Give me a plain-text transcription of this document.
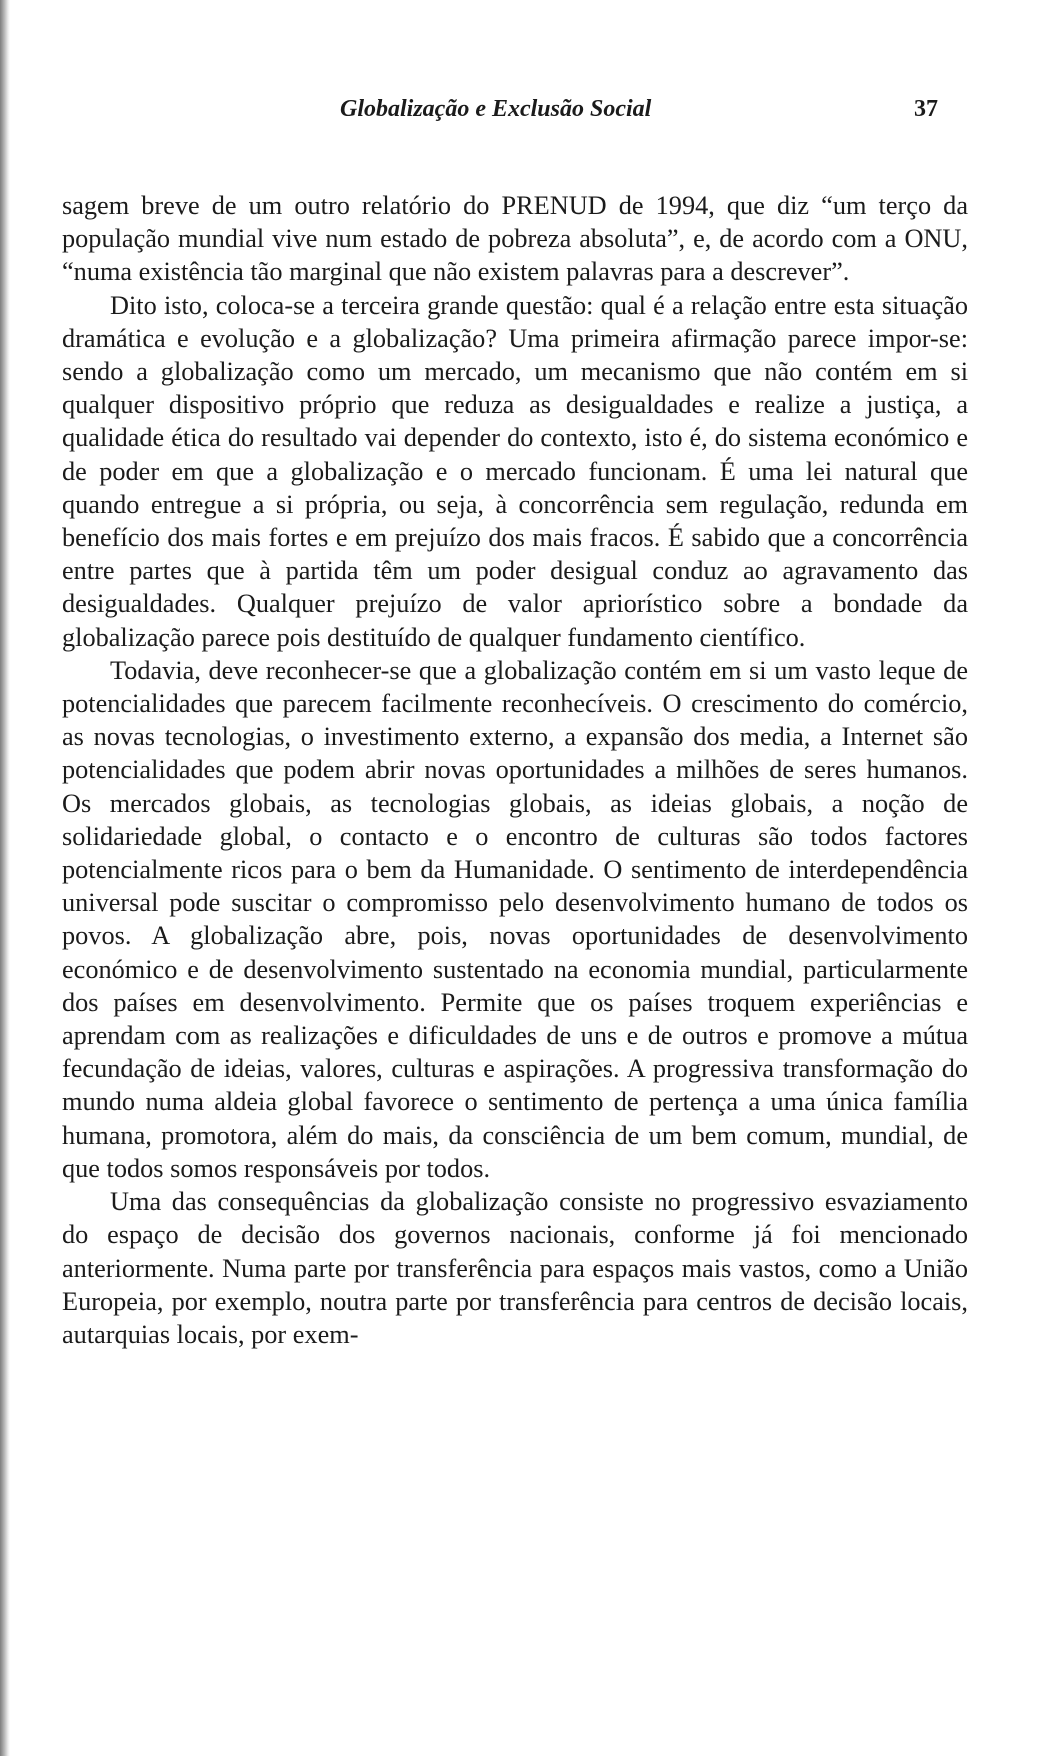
Globalização e Exclusão Social	37

sagem breve de um outro relatório do PRENUD de 1994, que diz “um terço da população mundial vive num estado de pobreza absoluta”, e, de acordo com a ONU, “numa existência tão marginal que não existem palavras para a descrever”.

Dito isto, coloca-se a terceira grande questão: qual é a relação entre esta situação dramática e evolução e a globalização? Uma primeira afirmação parece impor-se: sendo a globalização como um mercado, um mecanismo que não contém em si qualquer dispositivo próprio que reduza as desigualdades e realize a justiça, a qualidade ética do resultado vai depender do contexto, isto é, do sistema económico e de poder em que a globalização e o mercado funcionam. É uma lei natural que quando entregue a si própria, ou seja, à concorrência sem regulação, redunda em benefício dos mais fortes e em prejuízo dos mais fracos. É sabido que a concorrência entre partes que à partida têm um poder desigual conduz ao agravamento das desigualdades. Qualquer prejuízo de valor apriorístico sobre a bondade da globalização parece pois destituído de qualquer fundamento científico.

Todavia, deve reconhecer-se que a globalização contém em si um vasto leque de potencialidades que parecem facilmente reconhecíveis. O crescimento do comércio, as novas tecnologias, o investimento externo, a expansão dos media, a Internet são potencialidades que podem abrir novas oportunidades a milhões de seres humanos. Os mercados globais, as tecnologias globais, as ideias globais, a noção de solidariedade global, o contacto e o encontro de culturas são todos factores potencialmente ricos para o bem da Humanidade. O sentimento de interdependência universal pode suscitar o compromisso pelo desenvolvimento humano de todos os povos. A globalização abre, pois, novas oportunidades de desenvolvimento económico e de desenvolvimento sustentado na economia mundial, particularmente dos países em desenvolvimento. Permite que os países troquem experiências e aprendam com as realizações e dificuldades de uns e de outros e promove a mútua fecundação de ideias, valores, culturas e aspirações. A progressiva transformação do mundo numa aldeia global favorece o sentimento de pertença a uma única família humana, promotora, além do mais, da consciência de um bem comum, mundial, de que todos somos responsáveis por todos.

Uma das consequências da globalização consiste no progressivo esvaziamento do espaço de decisão dos governos nacionais, conforme já foi mencionado anteriormente. Numa parte por transferência para espaços mais vastos, como a União Europeia, por exemplo, noutra parte por transferência para centros de decisão locais, autarquias locais, por exem-
